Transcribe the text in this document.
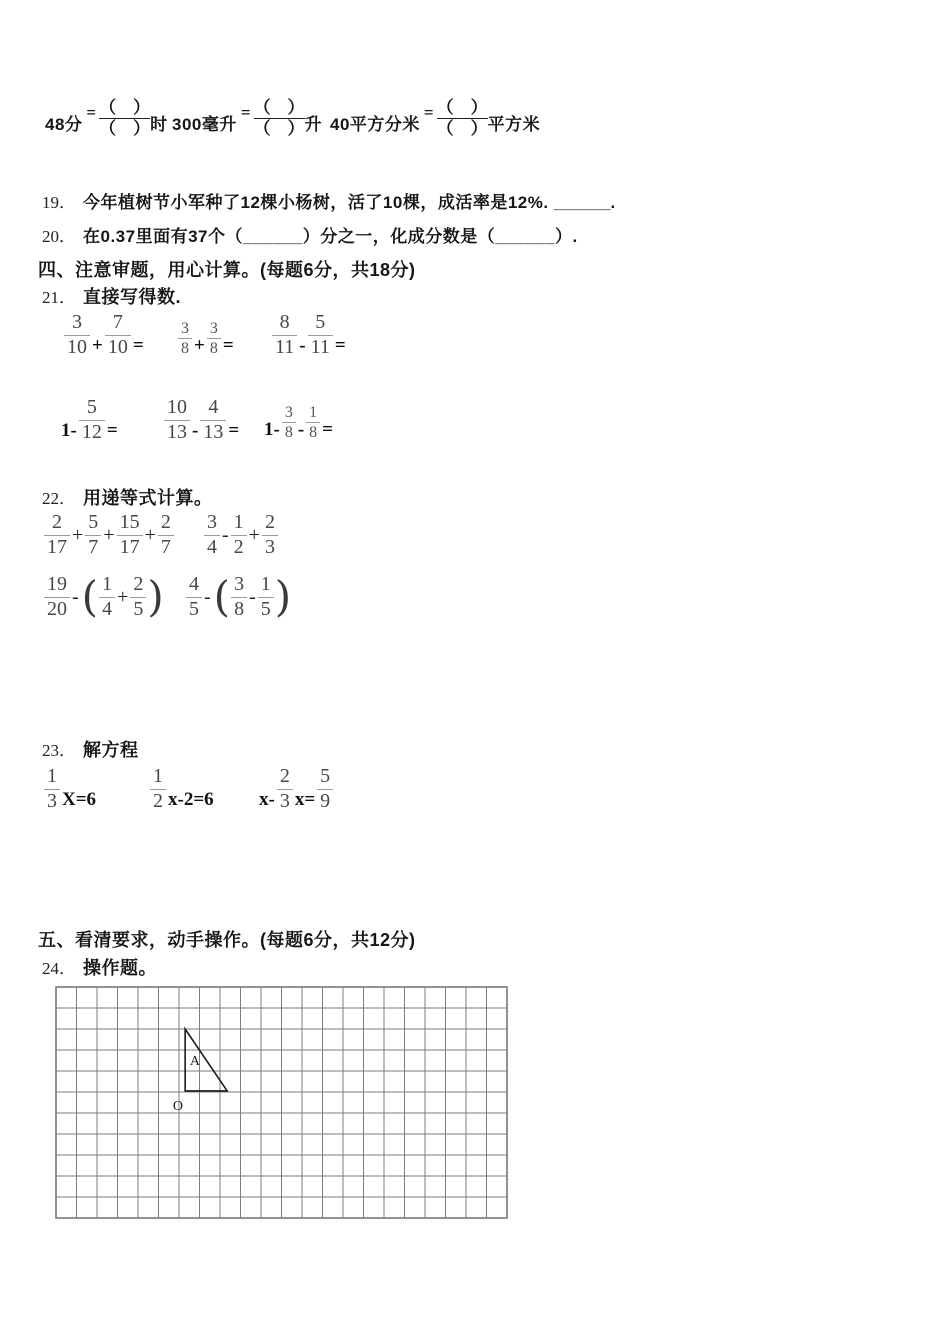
48分
= （　）
（　） 时 300毫升
= （　）
（　） 升 40平方分米
= （　）
（　） 平方米
19． 今年植树节小军种了12棵小杨树，活了10棵，成活率是12%. ______.
20． 在0.37里面有37个（______）分之一，化成分数是（______）.
四、注意审题，用心计算。(每题6分，共18分)
21． 直接写得数.
$\frac{3}{10} + \frac{7}{10} = \frac{3}{8} + \frac{3}{8} = \frac{8}{11} - \frac{5}{11}$ =
$1- \frac{5}{12} = \frac{10}{13} - \frac{4}{13} = 1- \frac{3}{8} - \frac{1}{8}$ =
22． 用递等式计算。
$\frac{2}{17} + \frac{5}{7} + \frac{15}{17} + \frac{2}{7} \frac{3}{4} - \frac{1}{2} + \frac{2}{3}$
$\frac{19}{20}$ - ( $\frac{1}{4} + \frac{2}{5}$ ) $\frac{4}{5}$ - ( $\frac{3}{8} - \frac{1}{5}$ )
23． 解方程
$\frac{1}{3} X=6$	$\frac{1}{2} x-2=6$ $x- \frac{2}{3} x= \frac{5}{9}$
五、看清要求，动手操作。(每题6分，共12分)
24． 操作题。
O
A
